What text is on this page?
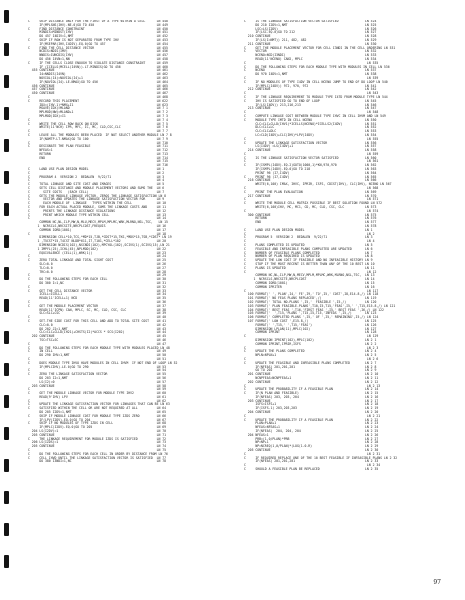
C     SKIP DISTANCE ONLY FOR THE FIRST OF A TYPE WITHIN A CELL      LN 448
IF(MPLSNS(IHV).NE.0)GO TO 450                                 LN 449
C     FIND DISTANCE CONSTRAINT                                      LN 450
MINDIS=MINDST(IHV)                                            LN 451
DO 457 I4DIV=1,NMT                                            LN 452
C     SKIP IF ROW IS NOT SEPARATED FROM TYPE IHV                    LN 453
IF(MSEPAR(IHV,I4DIV).EQ.0)GO TO 457                           LN 454
C     FIND THE CELL DISTANCE VECTOR                                 LN 455
NCDIS=NDIS(IMV)                                               LN 456
NNDIS=IUNCDIS(IHV)                                            LN 457
DO 456 I4VN=1,NN                                              LN 458
C     IF THE CELLS CLOSE ENOUGH TO VIOLATE DISTANCE CONSTRAINT      LN 459
IF (ICELLS(MCELL(I4VN)).LT.MINDIS)GO TO 456                   LN 460
455 CONTINUE                                                      LN 461
I4=NNDIS(I4VN)                                                LN 462
NOVIOL(I4)=NOVIOL(I4)+1                                       LN 463
IF(NOVIOL(I4).LE.NMAX)GO TO 456                               LN 464
456 CONTINUE                                                      LN 465
457 CONTINUE                                                      LN 466
450 CONTINUE                                                      LN 467
C                                                                   LN 468
C     RECORD THIS PLACEMENT                                         LN 622
IDX=(IHV-1)*NMX+I1                                            LN 623
MSAVE(IDX)=MLAND                                              LN 7 1
MPLMOD(NW)=MLAND+1                                            LN 7 2
MPLMOD(IDX)=I1                                                LN 7 3
C                                                                   LN 7 4
C     WRITE THE CELL ROW BACK ON DISK                               LN 7 5
WRITE(11'NCH) IPR, MFC, IC, MC, CLD,CSC,CLC                   LN 7 6
C                                                                   LN 7 7
C     LEAVE ALL THE MODULES BEEN PLACED  IF NOT SELECT ANOTHER MODULE LN 7 8
IF(NOMTP.LT.NMAX)GO TO 100                                    LN 7 9
C                                                                   LN 710
C     DESIGNATE THE PLAN FEASIBLE                                   LN 711
NFEAS=1                                                       LN 712
RETURN                                                        LN 713
END                                                           LN 714
LN 715
LN 716
C     LAND USE PLAN DESIGN MODEL                                    LN 1
C                                                                   LN 2
C     PROGRAM 4  VERSION 2  BEDALEN  9/22/71                        LN 3
C                                                                   LN 4
C     TOTAL LINKAGE AND SITE COST AND IMAGES                        LN 5
C     SETS CELL DISTANCE AND MODULE PLACEMENT VECTORS AND SUMS THE  LN 6
C       SITE COSTS   (EACH CELL)                                    LN 7
C     GETS THE MODULE LINKAGE VECTOR, ZEROS THE LINKAGE SATISFACTION LN 8
C       VECTOR AND UPDATES THE LINKAGE SATISFACTION VECTOR FOR      LN 9
C       EACH MODULE OF  LINKAGE   TYPES WITHIN THE CELL             LN 10
C     FOR EACH ACTUAL PLACED MODULE, SUMS THE LINKAGE COSTS AND     LN 11
C       PRINTS THE LINKAGE DISTANCE VIOLATIONS                      LN 12
C       PRINT WHICH MODULE TYPE WITHIN CELL                         LN 13
C                                                                   LN 14
COMMON NC,NL,ILP,MW,N,MLU,MECV,MPLM,MPLMC,WRK,MLRNO,NSL,TSC,   LN 15
1  NCRSCLS,NRCSITE,NRCPLCOST,FREQUIS                           LN 16
COMMON IORD(1001)                                             LN 17
C                                                                   LN 18
DIMENSION CELL*10,TCS,*MD*15,TJB,*CDST*15,TKS,*MDS*15,TSB,*CDST* LN 19
1 ,T5CST*15,T4CST NLDB*611,I7,T101,*CELL*102                   LN 20
DIMENSION NCDIS(102),NSCNDI(102),MPCYOL(102),SCIVS(1),SCIVS(15),LN 21
1 IMPYL(25),ICHL(45),NPLMOD(102)                               LN 22
EQUIVALENCE (CELL(1),WRK(1))                                  LN 23
C                                                                   LN 24
C     ZERO TOTAL LINKAGE AND TOTAL SIGHT COST                       LN 25
SLC=0.0                                                       LN 26
TLC=0.0                                                       LN 27
TRC=0.0                                                       LN 28
C                                                                   LN 29
C     DO THE FOLLOWING STEPS FOR EACH CELL                          LN 30
DO 300 I=1,NC                                                 LN 31
C                                                                   LN 32
C     GET THE CELL DISTANCE VECTOR                                  LN 33
ICELL=ICELL1                                                  LN 34
READ(11'ICELL+1) NCD                                          LN 35
C                                                                   LN 36
C     GET THE MODULE PLACEMENT VECTOR                               LN 37
READ(11'ICPN) CAN, MPLC, SC, MC, CLD, CSC, CLC                LN 38
SLC=SLC+CSC                                                   LN 39
C                                                                   LN 40
C     SET-THE SIDE COST FOR THIS CELL AND ADD TO TOTAL SITE COST    LN 41
CLC=0.0                                                       LN 42
DO 202 J2=1,NMT                                               LN 43
CLC=CLC+CLLD(IH21)+CHSTS(I2)*ACCS * SCS(I202)                 LN 44
202 CONTINUE                                                      LN 45
TSC=TSC+SC                                                    LN 46
C                                                                   LN 47
C     DO THE FOLLOWING STEPS FOR EACH MODULE TYPE WITH MODULES PLACED LN 48
C     IN CELL                                                       LN 49
DO 290 IHV=1,NMT                                              LN 50
C                                                                   LN 51
C     DOES MODULE TYPE IHVO HAVE MODULES IN CELL IHVM  IF NOT END OF LOOP LN 52
IF(MPLCIHV).LE.0)GO TO 290                                    LN 53
C                                                                   LN 54
C     ZERO THE LINKAGE SATISFACTION VECTOR                          LN 55
DO 203 I2=1,NMT                                               LN 56
LS(I2)=0                                                      LN 57
203 CONTINUE                                                      LN 58
C                                                                   LN 59
C     GET THE MODULE LINKAGE VECTOR FOR MODULE TYPE IHV2            LN 60
READ(9'IHV) LPV                                               LN 61
C                                                                   LN 62
C     UPDATE THE LINKAGE SATISFACTION VECTOR FOR LINKAGES THAT CAN BE LN 63
C     SATISFIED WITHIN THE CELL OR ARE NOT REQUIRED AT ALL          LN 64
DO 205 I2DV=1,NMT                                             LN 65
C     SKIP IF MODULE LINKAGE COST FOR MODULE TYPE IZDS ZERO         LN 66
IF(LPV(I2DV).EQ.0)GO TO 204                                   LN 67
C     SKIP IF NO MODULES OF TYPE IZDS IN CELL                       LN 68
IF(MPLC(I2DV).EQ.0)GO TO 205                                  LN 69
204 LS(I2DV)=1                                                    LN 70
205 CONTINUE                                                      LN 71
C     THE LINKAGE REQUIREMENT FOR MODULE IZDS IS SATISFIED          LN 72
206 LS(IZDS)=1                                                    LN 73
205 CONTINUE                                                      LN 74
C                                                                   LN 75
C     DO THE FOLLOWING STEPS FOR EACH CELL IN ORDER BY DISTANCE FROM LN 76
C     CELL IHVD UNTIL THE LINKAGE SATISFACTION VECTOR IS SATISFIED  LN 77
DO 380 I3NDI=1,NC                                             LN 78
C     IS THE LINKAGE SATISFACTION VECTOR SATISFIED              LN 524
DO 210 I2DV=1,NMT                                         LN 525
LSC=LS(I2DV)                                              LN 526
IF(LSC.EQ.0)GO TO 212                                     LN 527
210 CONTINUE                                                  LN 528
IF(LS(I=NMT)) 211, 482, 482                               LN 529
211 CONTINUE                                                  LN 530
C     GET THE MODULE PLACEMENT VECTOR FOR CELL I3NDI IN THE CELL ORDERING LN 531
C     VECTOR                                                    LN 532
NCENO=NCD(I3NDI)                                          LN 533
READ(11'NCENO) CAN2, MPLC                                 LN 534
C                                                                LN 535
C     DO THE FOLLOWING STEPS FOR EACH MODULE TYPE WITH MODULES IN CELL LN 536
C     NCENO                                                     LN 537
DO 970 I4DV=1,NMT                                         LN 538
C                                                                LN 539
C     IF NO MODULES OF TYPE I4DV IN CELL NCENO JUMP TO END OF DO LOOP LN 540
IF(MPLC(I4DV)) 972, 970, 972                              LN 541
212 CONTINUE                                                  LN 542
C                                                                LN 543
C     IF THE LINKAGE REQUIREMENT TO MODULE TYPE I4TD FROM MODULE TYPE LN 544
C     IHV IS SATISFIED GO TO END OF LOOP                        LN 545
IF(LS(I4DV)) 213,216,213                                  LN 546
213 CONTINUE                                                  LN 547
C                                                                LN 548
C     COMPUTE LINKAGE COST BETWEEN MODULE TYPE IHVC IN CELL IHVM AND LN 549
C     MODULE TYPE IMTD IN CELL NCENO                            LN 550
CLC=CLC+CLLD(IHV1)*ICELLS(NCENO)*ICELLS2(I4DV)            LN 551
DLC=CLC+LC                                                LN 552
CLC=CLC+DLC                                               LN 553
LC=CLD(I4DV)+CLC(IHV)*LPV(I4DV)                           LN 554
C                                                                LN 555
C     UPDATE THE LINKAGE SATISFACTION VECTOR                    LN 556
LS(I4DV) =LS(I4DV)+1                                      LN 557
214 CONTINUE                                                  LN 558
C                                                                LN 559
C     IS THE LINKAGE SATISFACTION VECTOR SATISFIED              LN 560
C                                                                LN 561
C     IF(ISMPL(I4DV).EQ.2)GOTO(1000,1)*KN,970,970               LN 562
IF(ISMPL(I4DV).EQ.0)GO TO 218                             LN 563
PRINT 96 (I7,I4DV)                                        LN 564
C     PRINT 96 (I7,I4DV)                                        LN 565
216 CONTINUE                                                  LN 566
WRITE(6,100) IMAX, IHVC, IPRIR, ISFS, CDIST(IHV), CLC(IHV), NCENO LN 567
C                                                                LN 568
C     PRINT THE PLAN EVALUATION                                 LN 569
217 CONTINUE                                                  LN 570
C                                                                LN 571
C     WRITE THE MODULE CELL MATRIX POSSIBLE IF BEST SOLUTION FOUND LN 572
WRITE(6,100)IHV, MC, MC1, CD, MC, CLD, CSC, CLC           LN 573
C                                                                LN 574
300 CONTINUE                                                  LN 575
RETURN                                                    LN 576
END                                                       LN 577
LN 578
C     LAND USE PLAN DESIGN MODEL                                LN 1
C                                                                LN 2
C     PROGRAM 5  VERSION 2  BEDALEN  9/22/71                    LN 3
C                                                                LN 4
C     PLANS COMPLETED IS UPDATED                                LN 5
C     FEASIBLE AND INFEASIBLE PLANS COMPLETED ARE UPDATED       LN 6
C     NUMBER OF FEASIBLE PLANS COMPLETED                        LN 7
C     NUMBER OF PLAN REQUIRED IS UPDATED                        LN 8
C     UPDATE THE LOW COST IF FEASIBLE AND NO INFEASIBLE HISTORY LN 9
C     STOP IF THE MOST RECENT IS BETTER THAN ANY OF THE 10 BEST LN 10
C     PLANS IS UPDATED                                          LN 11
C                                                                LN 12
COMMON NC,NL,ILP,MW,N,MECV,MPLM,MPLMC,WRK,MLRNO,NSL,TSC,  LN 13
1  NCRSCLS,NRCSITE,NRCPLCOST                               LN 14
COMMON IORD(1001)                                         LN 15
COMMON IPRITER                                            LN 16
C                                                                LN 117
100 FORMAT(' ', PLAN',I4,' FE',I9,' TO',I5,' COST',I8,E14.8,/) LN 118
101 FORMAT(' NO FEAS PLANS REPLACED',/)                       LN 119
102 FORMAT(' TOTAL NO.PLANS ',I5,'  FEASIBLE ',I5,/)          LN 120
103 FORMAT(' PLAN FEASIBLE-PLANS',T10,I5,T15,'FEAS',I5,' ',T15,E15.8,/) LN 121
104 FORMAT(' BEST FEAS ',T16,'FIRST FEAS ',I5,' BEST FEAS ',I6,/) LN 122
105 FORMAT('  ',T15,'PLANS ',T15,I5,T15,'INFEAS ',I5,/)       LN 123
106 FORMAT(' COMPLETED PLANS ',I5,' OF ',I5,' REMAINING',I5,/) LN 124
107 FORMAT(' LOW COST ',E15.8,/)                              LN 125
FORMAT(' ',T15,' ',T15,'FEAS')                            LN 126
DIMENSION LPLAN(11),MPLC(102)                             LN 127
COMMON IPRINT                                             LN 128
C                                                                LN 129
DIMENSION IPRINT(102),MPLC(102)                           LN 2 1
COMMON IPRINT,IPRIR,ISFS                                  LN 2 2
C                                                                LN 2 3
C     UPDATE THE PLANS COMPLETED                                LN 2 4
NPLN=NPLN+1                                               LN 2 5
C                                                                LN 2 6
C     UPDATE THE FEASIBLE AND INFEASIBLE PLANS COMPLETED        LN 2 7
IF(NFEAS) 201,201,201                                     LN 2 8
GO TO 202                                                 LN 2 9
201 CONTINUE                                                  LN 2 10
NCNPFEAS=NCNPFEAS+1                                       LN 2 11
202 CONTINUE                                                  LN 2 12
C                                                                LN 2 13
C     UPDATE THE PROBABILITY IF A FEASIBLE PLAN                 LN 2 14
C     IF(N PLAN AND FEASIBLE)                                   LN 2 15
IF(NFEAS) 203, 203, 204                                   LN 2 16
203 CONTINUE                                                  LN 2 17
ISFS=ISFS+1                                               LN 2 18
IF(ISFS-1) 203,203,203                                    LN 2 19
204 CONTINUE                                                  LN 2 20
C                                                                LN 2 21
C     UPDATE THE PROBABILITY IF A FEASIBLE PLAN                 LN 2 22
PLAN=PLAN+1                                               LN 2 23
NFEAS=NFEAS+1                                             LN 2 24
IF(NFEAS)  204, 204, 204                                  LN 2 25
204 NFEAS=1                                                   LN 2 26
PRB=(1.0/PLAN)*PRB                                        LN 2 27
NP=NP+1                                                   LN 2 28
NP=NCREQ(1,0/PLAN)*(LOG(1.0-R)                            LN 2 29
205 CONTINUE                                                  LN 2 30
C                                                                LN 2 31
C     IF REQUIRED REPLACE ONE OF THE 10 BEST FEASIBLE IF INFEASIBLE PLANS LN 2 32
IF(NFEAS) 201,201,201                                     LN 2 33
C                                                                LN 2 34
C     SHOULD A FEASIBLE PLAN BE REPLACED                        LN 2 35
97
